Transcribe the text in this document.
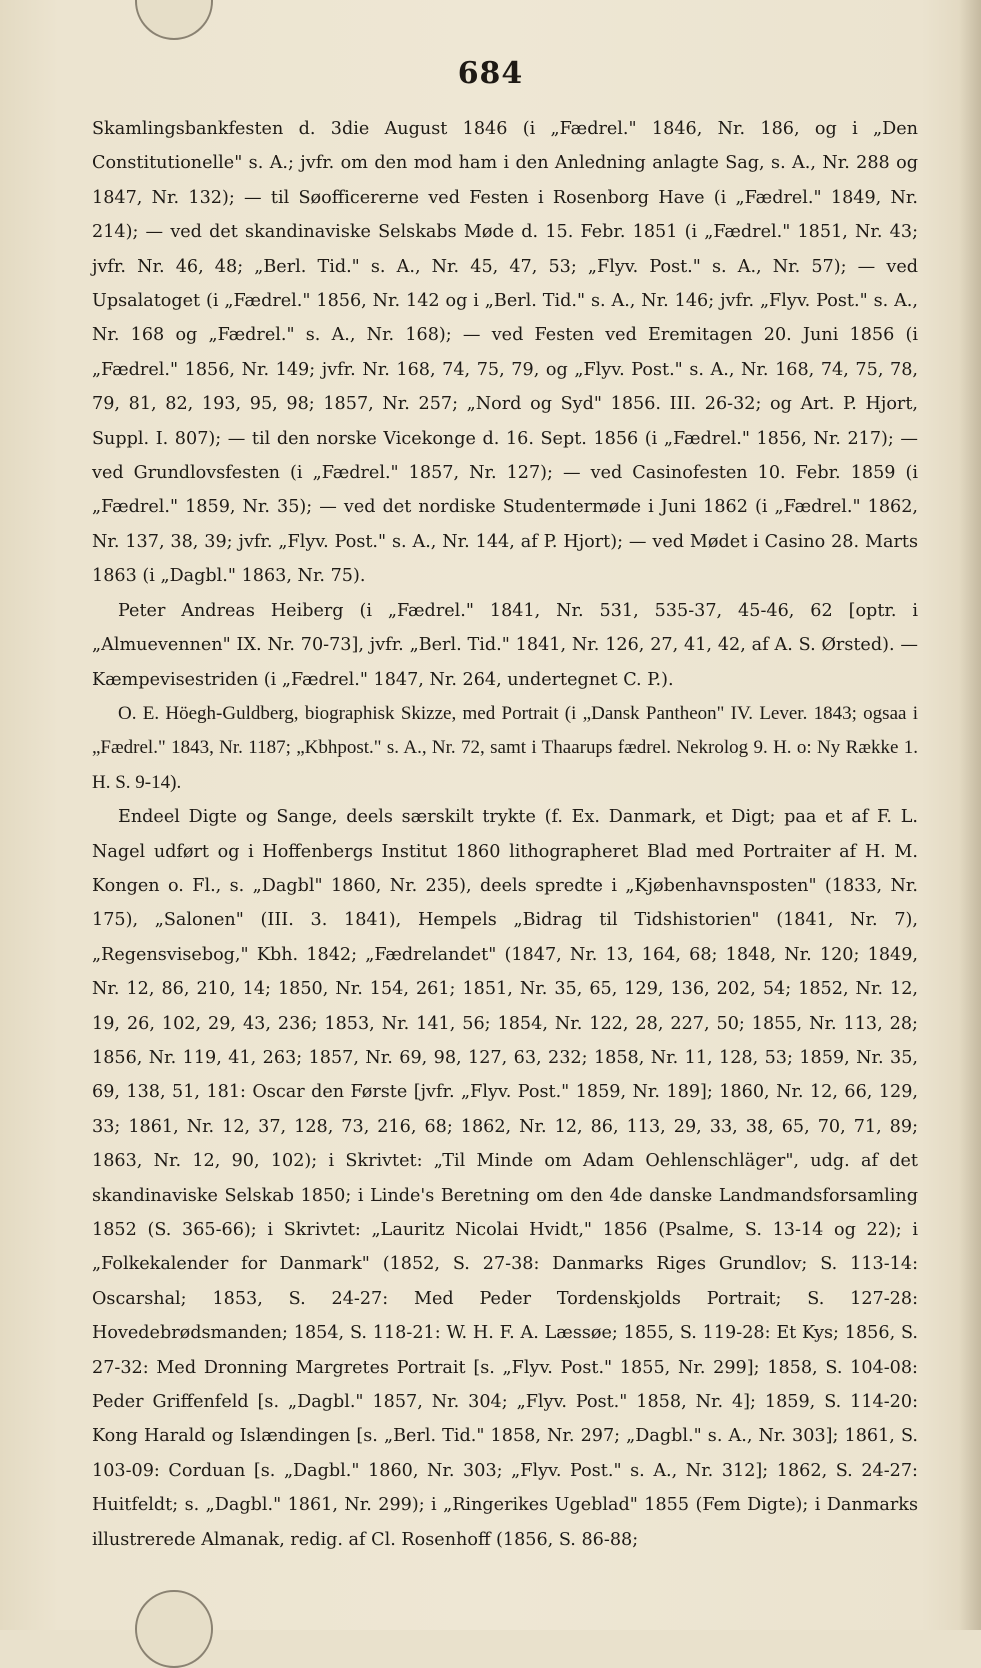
684

Skamlingsbankfesten d. 3die August 1846 (i „Fædrel." 1846, Nr. 186, og i „Den Constitutionelle" s. A.; jvfr. om den mod ham i den Anledning anlagte Sag, s. A., Nr. 288 og 1847, Nr. 132); — til Søofficererne ved Festen i Rosenborg Have (i „Fædrel." 1849, Nr. 214); — ved det skandinaviske Selskabs Møde d. 15. Febr. 1851 (i „Fædrel." 1851, Nr. 43; jvfr. Nr. 46, 48; „Berl. Tid." s. A., Nr. 45, 47, 53; „Flyv. Post." s. A., Nr. 57); — ved Upsalatoget (i „Fædrel." 1856, Nr. 142 og i „Berl. Tid." s. A., Nr. 146; jvfr. „Flyv. Post." s. A., Nr. 168 og „Fædrel." s. A., Nr. 168); — ved Festen ved Eremitagen 20. Juni 1856 (i „Fædrel." 1856, Nr. 149; jvfr. Nr. 168, 74, 75, 79, og „Flyv. Post." s. A., Nr. 168, 74, 75, 78, 79, 81, 82, 193, 95, 98; 1857, Nr. 257; „Nord og Syd" 1856. III. 26-32; og Art. P. Hjort, Suppl. I. 807); — til den norske Vicekonge d. 16. Sept. 1856 (i „Fædrel." 1856, Nr. 217); — ved Grundlovsfesten (i „Fædrel." 1857, Nr. 127); — ved Casinofesten 10. Febr. 1859 (i „Fædrel." 1859, Nr. 35); — ved det nordiske Studentermøde i Juni 1862 (i „Fædrel." 1862, Nr. 137, 38, 39; jvfr. „Flyv. Post." s. A., Nr. 144, af P. Hjort); — ved Mødet i Casino 28. Marts 1863 (i „Dagbl." 1863, Nr. 75).

Peter Andreas Heiberg (i „Fædrel." 1841, Nr. 531, 535-37, 45-46, 62 [optr. i „Almuevennen" IX. Nr. 70-73], jvfr. „Berl. Tid." 1841, Nr. 126, 27, 41, 42, af A. S. Ørsted). — Kæmpevisestriden (i „Fædrel." 1847, Nr. 264, undertegnet C. P.).

O. E. Höegh-Guldberg, biographisk Skizze, med Portrait (i „Dansk Pantheon" IV. Lever. 1843; ogsaa i „Fædrel." 1843, Nr. 1187; „Kbhpost." s. A., Nr. 72, samt i Thaarups fædrel. Nekrolog 9. H. o: Ny Række 1. H. S. 9-14).

Endeel Digte og Sange, deels særskilt trykte (f. Ex. Danmark, et Digt; paa et af F. L. Nagel udført og i Hoffenbergs Institut 1860 lithographeret Blad med Portraiter af H. M. Kongen o. Fl., s. „Dagbl" 1860, Nr. 235), deels spredte i „Kjøbenhavnsposten" (1833, Nr. 175), „Salonen" (III. 3. 1841), Hempels „Bidrag til Tidshistorien" (1841, Nr. 7), „Regensvisebog," Kbh. 1842; „Fædrelandet" (1847, Nr. 13, 164, 68; 1848, Nr. 120; 1849, Nr. 12, 86, 210, 14; 1850, Nr. 154, 261; 1851, Nr. 35, 65, 129, 136, 202, 54; 1852, Nr. 12, 19, 26, 102, 29, 43, 236; 1853, Nr. 141, 56; 1854, Nr. 122, 28, 227, 50; 1855, Nr. 113, 28; 1856, Nr. 119, 41, 263; 1857, Nr. 69, 98, 127, 63, 232; 1858, Nr. 11, 128, 53; 1859, Nr. 35, 69, 138, 51, 181: Oscar den Første [jvfr. „Flyv. Post." 1859, Nr. 189]; 1860, Nr. 12, 66, 129, 33; 1861, Nr. 12, 37, 128, 73, 216, 68; 1862, Nr. 12, 86, 113, 29, 33, 38, 65, 70, 71, 89; 1863, Nr. 12, 90, 102); i Skrivtet: „Til Minde om Adam Oehlenschläger", udg. af det skandinaviske Selskab 1850; i Linde's Beretning om den 4de danske Landmandsforsamling 1852 (S. 365-66); i Skrivtet: „Lauritz Nicolai Hvidt," 1856 (Psalme, S. 13-14 og 22); i „Folkekalender for Danmark" (1852, S. 27-38: Danmarks Riges Grundlov; S. 113-14: Oscarshal; 1853, S. 24-27: Med Peder Tordenskjolds Portrait; S. 127-28: Hovedebrødsmanden; 1854, S. 118-21: W. H. F. A. Læssøe; 1855, S. 119-28: Et Kys; 1856, S. 27-32: Med Dronning Margretes Portrait [s. „Flyv. Post." 1855, Nr. 299]; 1858, S. 104-08: Peder Griffenfeld [s. „Dagbl." 1857, Nr. 304; „Flyv. Post." 1858, Nr. 4]; 1859, S. 114-20: Kong Harald og Islændingen [s. „Berl. Tid." 1858, Nr. 297; „Dagbl." s. A., Nr. 303]; 1861, S. 103-09: Corduan [s. „Dagbl." 1860, Nr. 303; „Flyv. Post." s. A., Nr. 312]; 1862, S. 24-27: Huitfeldt; s. „Dagbl." 1861, Nr. 299); i „Ringerikes Ugeblad" 1855 (Fem Digte); i Danmarks illustrerede Almanak, redig. af Cl. Rosenhoff (1856, S. 86-88;
